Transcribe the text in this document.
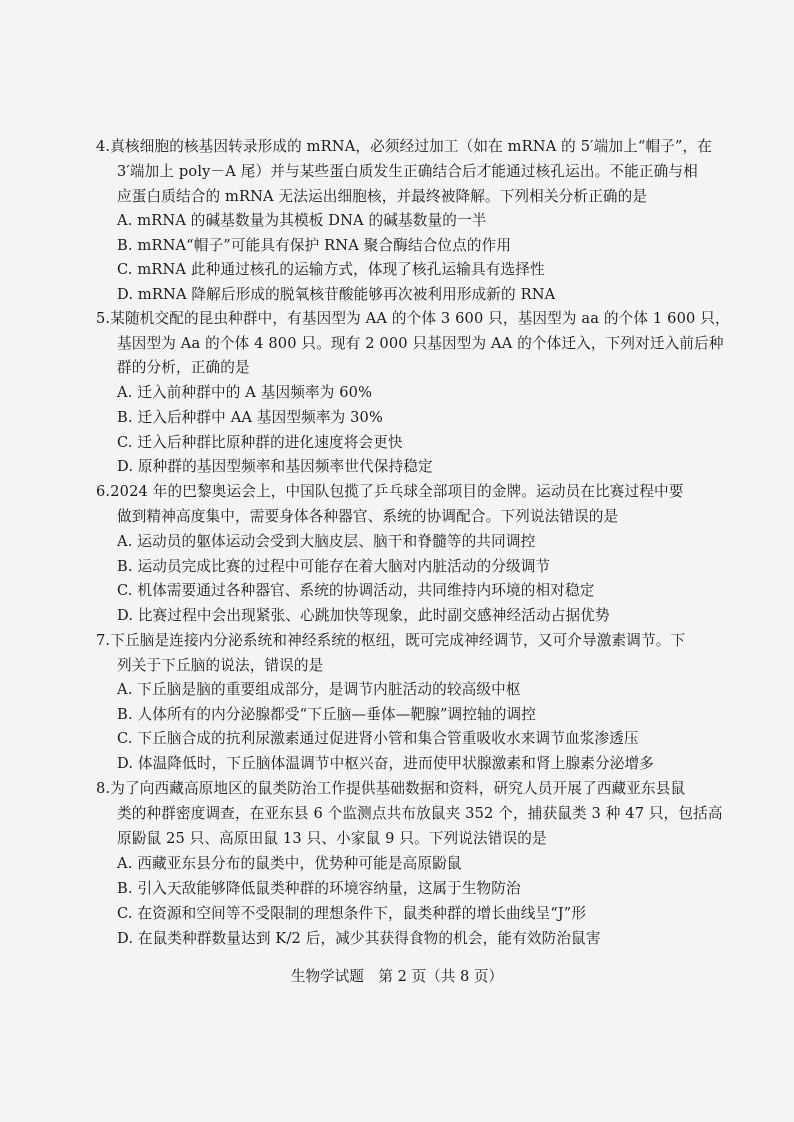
4.真核细胞的核基因转录形成的 mRNA，必须经过加工（如在 mRNA 的 5′端加上“帽子”，在
3′端加上 poly－A 尾）并与某些蛋白质发生正确结合后才能通过核孔运出。不能正确与相
应蛋白质结合的 mRNA 无法运出细胞核，并最终被降解。下列相关分析正确的是
A. mRNA 的碱基数量为其模板 DNA 的碱基数量的一半
B. mRNA“帽子”可能具有保护 RNA 聚合酶结合位点的作用
C. mRNA 此种通过核孔的运输方式，体现了核孔运输具有选择性
D. mRNA 降解后形成的脱氧核苷酸能够再次被利用形成新的 RNA
5.某随机交配的昆虫种群中，有基因型为 AA 的个体 3 600 只，基因型为 aa 的个体 1 600 只，
基因型为 Aa 的个体 4 800 只。现有 2 000 只基因型为 AA 的个体迁入，下列对迁入前后种
群的分析，正确的是
A. 迁入前种群中的 A 基因频率为 60%
B. 迁入后种群中 AA 基因型频率为 30%
C. 迁入后种群比原种群的进化速度将会更快
D. 原种群的基因型频率和基因频率世代保持稳定
6.2024 年的巴黎奥运会上，中国队包揽了乒乓球全部项目的金牌。运动员在比赛过程中要
做到精神高度集中，需要身体各种器官、系统的协调配合。下列说法错误的是
A. 运动员的躯体运动会受到大脑皮层、脑干和脊髓等的共同调控
B. 运动员完成比赛的过程中可能存在着大脑对内脏活动的分级调节
C. 机体需要通过各种器官、系统的协调活动，共同维持内环境的相对稳定
D. 比赛过程中会出现紧张、心跳加快等现象，此时副交感神经活动占据优势
7.下丘脑是连接内分泌系统和神经系统的枢纽，既可完成神经调节，又可介导激素调节。下
列关于下丘脑的说法，错误的是
A. 下丘脑是脑的重要组成部分，是调节内脏活动的较高级中枢
B. 人体所有的内分泌腺都受“下丘脑—垂体—靶腺”调控轴的调控
C. 下丘脑合成的抗利尿激素通过促进肾小管和集合管重吸收水来调节血浆渗透压
D. 体温降低时，下丘脑体温调节中枢兴奋，进而使甲状腺激素和肾上腺素分泌增多
8.为了向西藏高原地区的鼠类防治工作提供基础数据和资料，研究人员开展了西藏亚东县鼠
类的种群密度调查，在亚东县 6 个监测点共布放鼠夹 352 个，捕获鼠类 3 种 47 只，包括高
原鼢鼠 25 只、高原田鼠 13 只、小家鼠 9 只。下列说法错误的是
A. 西藏亚东县分布的鼠类中，优势种可能是高原鼢鼠
B. 引入天敌能够降低鼠类种群的环境容纳量，这属于生物防治
C. 在资源和空间等不受限制的理想条件下，鼠类种群的增长曲线呈“J”形
D. 在鼠类种群数量达到 K/2 后，减少其获得食物的机会，能有效防治鼠害
生物学试题　第 2 页（共 8 页）
